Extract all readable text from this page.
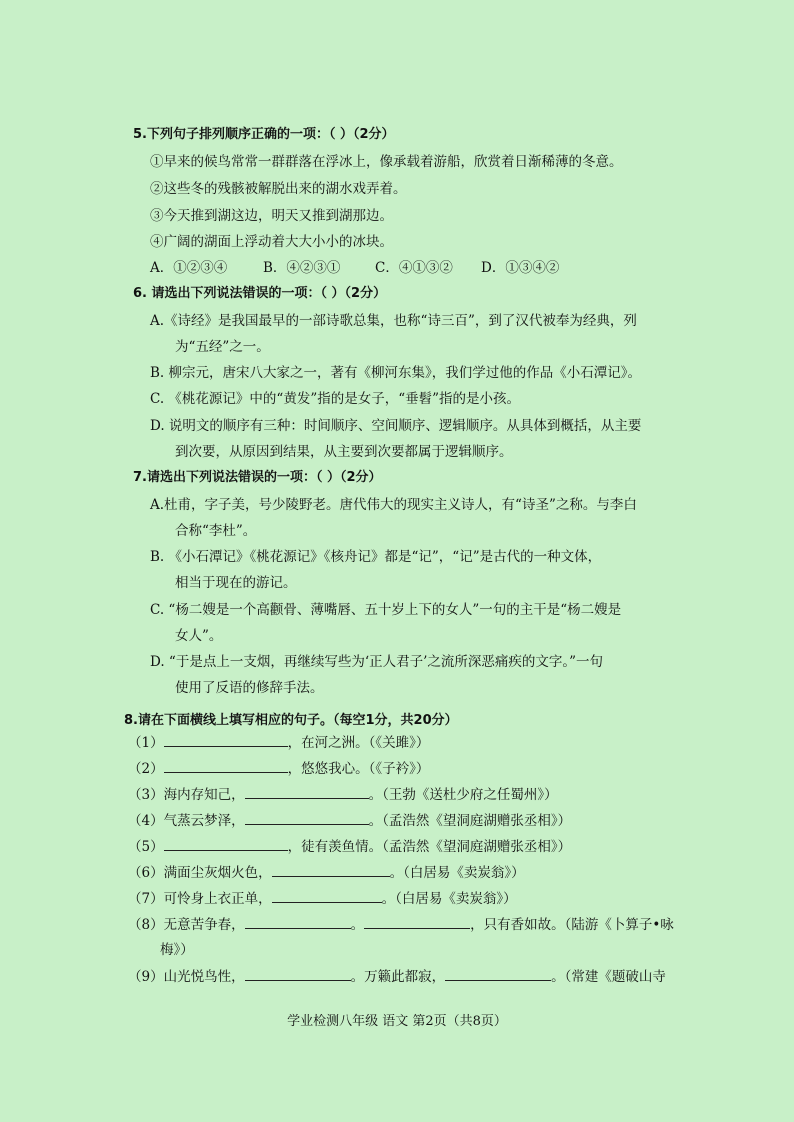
5.下列句子排列顺序正确的一项：（ ）（2分）
①早来的候鸟常常一群群落在浮冰上，像承载着游船，欣赏着日渐稀薄的冬意。
②这些冬的残骸被解脱出来的湖水戏弄着。
③今天推到湖这边，明天又推到湖那边。
④广阔的湖面上浮动着大大小小的冰块。
A．①②③④	B．④②③①	C．④①③② D．①③④②
6. 请选出下列说法错误的一项：（ ）（2分）
A.《诗经》是我国最早的一部诗歌总集，也称“诗三百”，到了汉代被奉为经典，列
为“五经”之一。
B. 柳宗元，唐宋八大家之一，著有《柳河东集》，我们学过他的作品《小石潭记》。
C. 《桃花源记》中的“黄发”指的是女子，“垂髫”指的是小孩。
D. 说明文的顺序有三种：时间顺序、空间顺序、逻辑顺序。从具体到概括，从主要
到次要，从原因到结果，从主要到次要都属于逻辑顺序。
7.请选出下列说法错误的一项：（ ）（2分）
A.杜甫，字子美，号少陵野老。唐代伟大的现实主义诗人，有“诗圣”之称。与李白
合称“李杜”。
B. 《小石潭记》《桃花源记》《核舟记》都是“记”，“记”是古代的一种文体，
相当于现在的游记。
C. “杨二嫂是一个高颧骨、薄嘴唇、五十岁上下的女人”一句的主干是“杨二嫂是
女人”。
D. “于是点上一支烟，再继续写些为‘正人君子’之流所深恶痛疾的文字。”一句
使用了反语的修辞手法。
8.请在下面横线上填写相应的句子。（每空1分，共20分）
（1）	，在河之洲。（《关雎》）
（2）	，悠悠我心。（《子衿》）
（3）海内存知己，	。（王勃《送杜少府之任蜀州》）
（4）气蒸云梦泽，	。（孟浩然《望洞庭湖赠张丞相》）
（5）	，徒有羡鱼情。（孟浩然《望洞庭湖赠张丞相》）
（6）满面尘灰烟火色，	。（白居易《卖炭翁》）
（7）可怜身上衣正单，	。（白居易《卖炭翁》）
（8）无意苦争春，	。	，只有香如故。（陆游《卜算子•咏
梅》）
（9）山光悦鸟性，	。万籁此都寂，	。（常建《题破山寺
学业检测八年级 语文 第2页（共8页）
